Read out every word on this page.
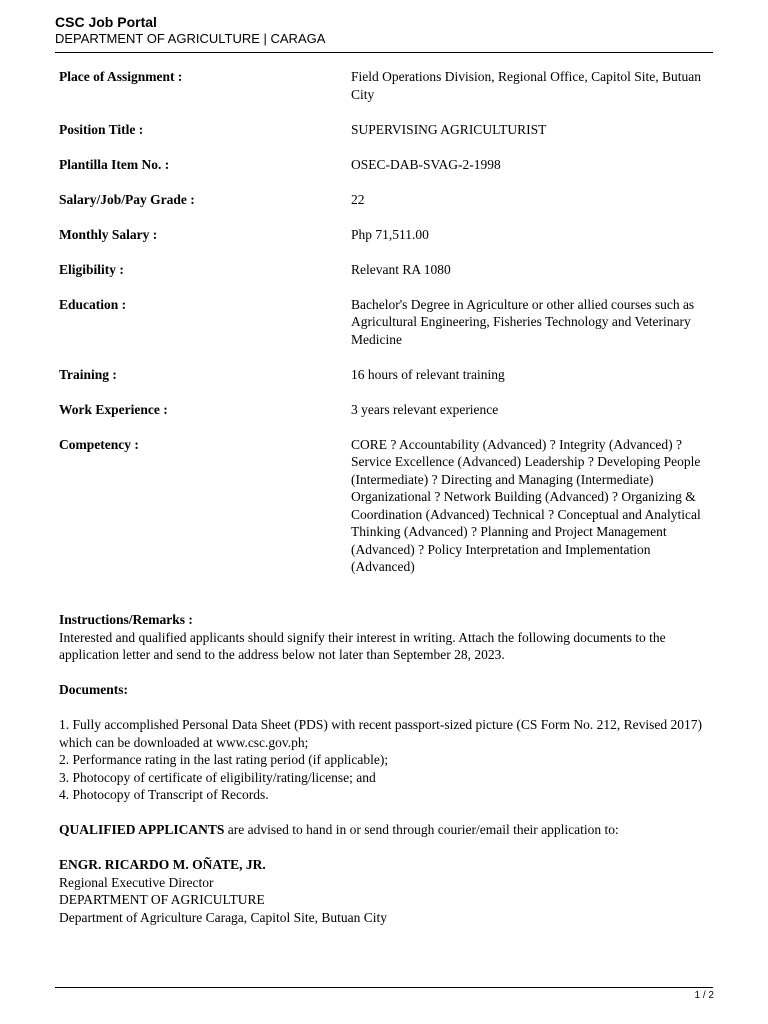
CSC Job Portal
DEPARTMENT OF AGRICULTURE | CARAGA
Place of Assignment :	Field Operations Division, Regional Office, Capitol Site, Butuan City
Position Title :	SUPERVISING AGRICULTURIST
Plantilla Item No. :	OSEC-DAB-SVAG-2-1998
Salary/Job/Pay Grade :	22
Monthly Salary :	Php 71,511.00
Eligibility :	Relevant RA 1080
Education :	Bachelor's Degree in Agriculture or other allied courses such as Agricultural Engineering, Fisheries Technology and Veterinary Medicine
Training :	16 hours of relevant training
Work Experience :	3 years relevant experience
Competency :	CORE ? Accountability (Advanced) ? Integrity (Advanced) ? Service Excellence (Advanced) Leadership ? Developing People (Intermediate) ? Directing and Managing (Intermediate) Organizational ? Network Building (Advanced) ? Organizing & Coordination (Advanced) Technical ? Conceptual and Analytical Thinking (Advanced) ? Planning and Project Management (Advanced) ? Policy Interpretation and Implementation (Advanced)
Instructions/Remarks :
Interested and qualified applicants should signify their interest in writing. Attach the following documents to the application letter and send to the address below not later than September 28, 2023.
Documents:
1. Fully accomplished Personal Data Sheet (PDS) with recent passport-sized picture (CS Form No. 212, Revised 2017) which can be downloaded at www.csc.gov.ph;
2. Performance rating in the last rating period (if applicable);
3. Photocopy of certificate of eligibility/rating/license; and
4. Photocopy of Transcript of Records.
QUALIFIED APPLICANTS are advised to hand in or send through courier/email their application to:
ENGR. RICARDO M. OÑATE, JR.
Regional Executive Director
DEPARTMENT OF AGRICULTURE
Department of Agriculture Caraga, Capitol Site, Butuan City
1 / 2
